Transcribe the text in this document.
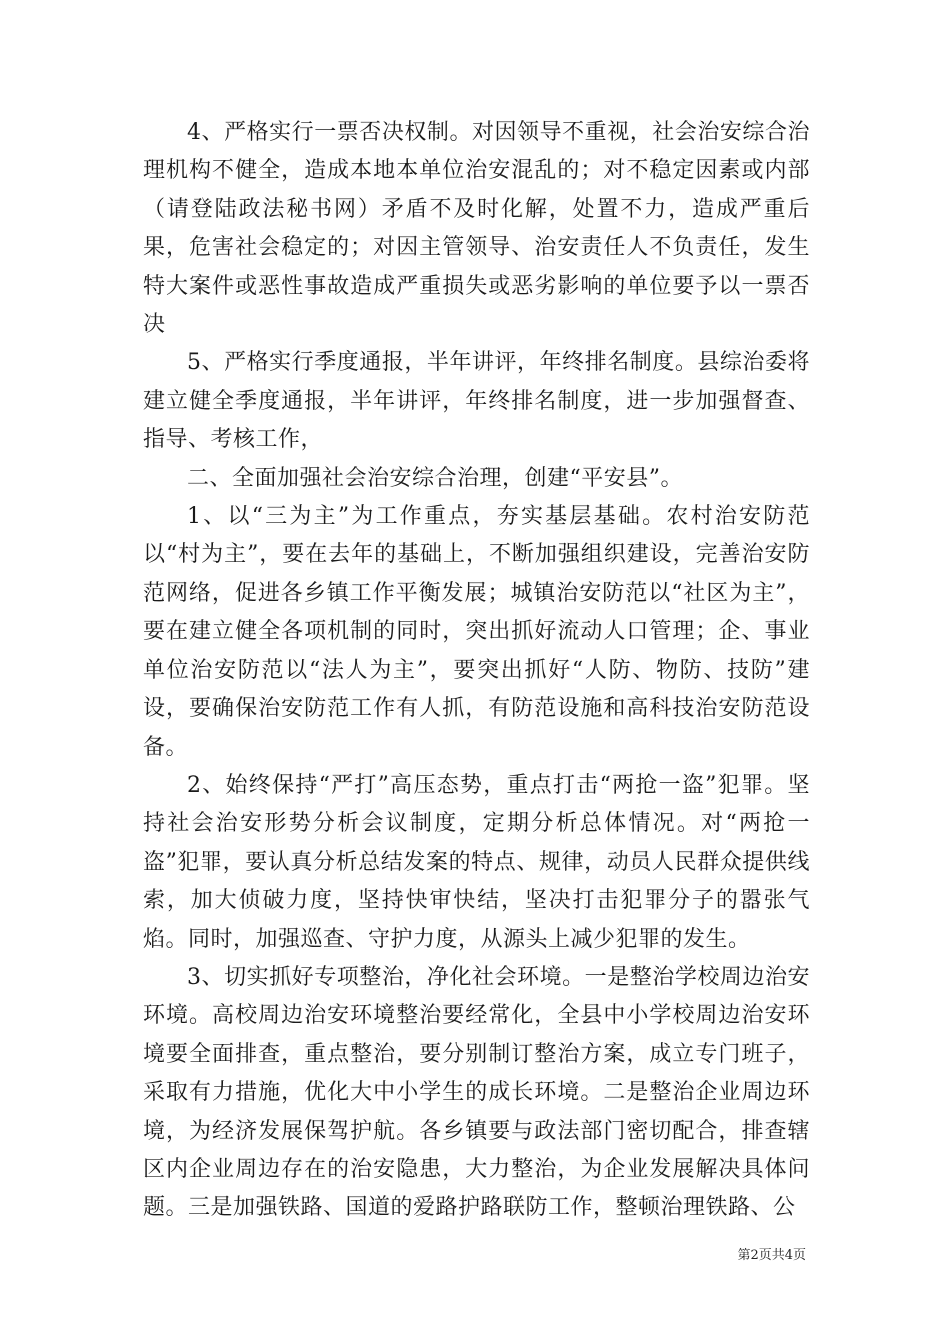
4、严格实行一票否决权制。对因领导不重视，社会治安综合治理机构不健全，造成本地本单位治安混乱的；对不稳定因素或内部（请登陆政法秘书网）矛盾不及时化解，处置不力，造成严重后果，危害社会稳定的；对因主管领导、治安责任人不负责任，发生特大案件或恶性事故造成严重损失或恶劣影响的单位要予以一票否决

5、严格实行季度通报，半年讲评，年终排名制度。县综治委将建立健全季度通报，半年讲评，年终排名制度，进一步加强督查、指导、考核工作，

二、全面加强社会治安综合治理，创建“平安县”。

1、以“三为主”为工作重点，夯实基层基础。农村治安防范以“村为主”，要在去年的基础上，不断加强组织建设，完善治安防范网络，促进各乡镇工作平衡发展；城镇治安防范以“社区为主”，要在建立健全各项机制的同时，突出抓好流动人口管理；企、事业单位治安防范以“法人为主”，要突出抓好“人防、物防、技防”建设，要确保治安防范工作有人抓，有防范设施和高科技治安防范设备。

2、始终保持“严打”高压态势，重点打击“两抢一盗”犯罪。坚持社会治安形势分析会议制度，定期分析总体情况。对“两抢一盗”犯罪，要认真分析总结发案的特点、规律，动员人民群众提供线索，加大侦破力度，坚持快审快结，坚决打击犯罪分子的嚣张气焰。同时，加强巡查、守护力度，从源头上减少犯罪的发生。

3、切实抓好专项整治，净化社会环境。一是整治学校周边治安环境。高校周边治安环境整治要经常化，全县中小学校周边治安环境要全面排查，重点整治，要分别制订整治方案，成立专门班子，采取有力措施，优化大中小学生的成长环境。二是整治企业周边环境，为经济发展保驾护航。各乡镇要与政法部门密切配合，排查辖区内企业周边存在的治安隐患，大力整治，为企业发展解决具体问题。三是加强铁路、国道的爱路护路联防工作，整顿治理铁路、公

第2页共4页
